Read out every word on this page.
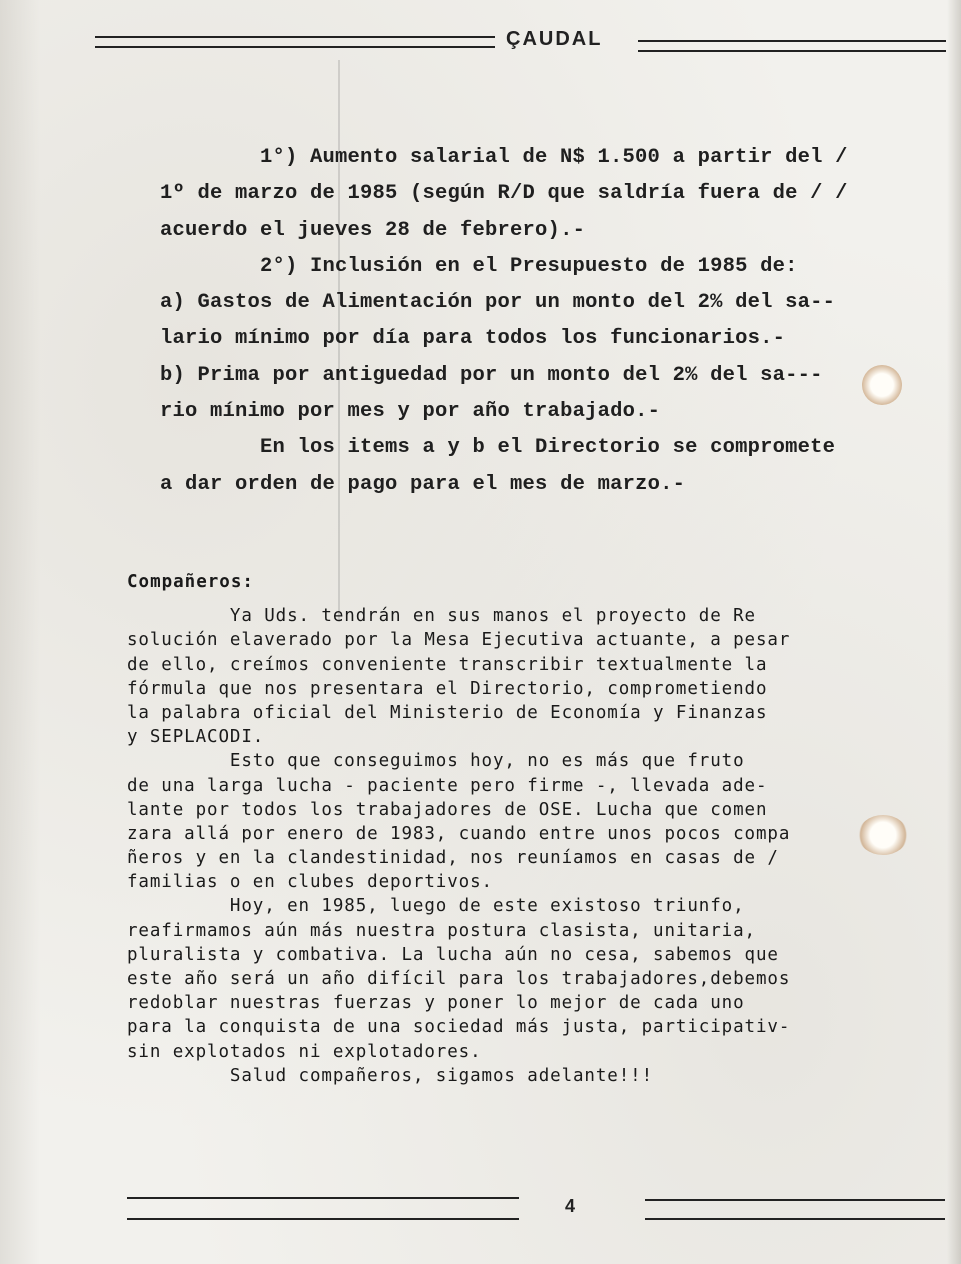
ÇAUDAL
1°) Aumento salarial de N$ 1.500 a partir del /
1º de marzo de 1985 (según R/D que saldría fuera de / /
acuerdo el jueves 28 de febrero).-
2°) Inclusión en el Presupuesto de 1985 de:
a) Gastos de Alimentación por un monto del 2% del sa--
lario mínimo por día para todos los funcionarios.-
b) Prima por antiguedad por un monto del 2% del sa---
rio mínimo por mes y por año trabajado.-
En los items a y b el Directorio se compromete
a dar orden de pago para el mes de marzo.-
Compañeros:
Ya Uds. tendrán en sus manos el proyecto de Re
solución elaverado por la Mesa Ejecutiva actuante, a pesar
de ello, creímos conveniente transcribir textualmente la
fórmula que nos presentara el Directorio, comprometiendo
la palabra oficial del Ministerio de Economía y Finanzas
y SEPLACODI.
Esto que conseguimos hoy, no es más que fruto
de una larga lucha - paciente pero firme -, llevada ade-
lante por todos los trabajadores de OSE. Lucha que comen
zara allá por enero de 1983, cuando entre unos pocos compa
ñeros y en la clandestinidad, nos reuníamos en casas de /
familias o en clubes deportivos.
Hoy, en 1985, luego de este existoso triunfo,
reafirmamos aún más nuestra postura clasista, unitaria,
pluralista y combativa. La lucha aún no cesa, sabemos que
este año será un año difícil para los trabajadores,debemos
redoblar nuestras fuerzas y poner lo mejor de cada uno
para la conquista de una sociedad más justa, participativ-
sin explotados ni explotadores.
Salud compañeros, sigamos adelante!!!
4
